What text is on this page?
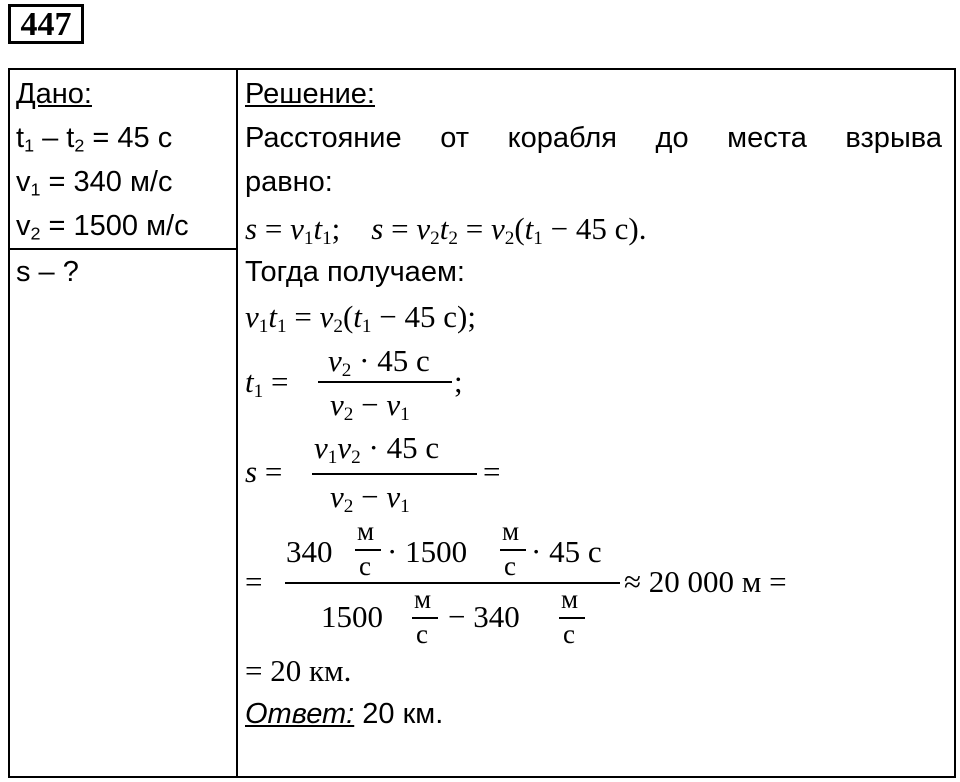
447
Дано:
$t_1 - t_2 = 45$ с
$v_1 = 340$ м/с
$v_2 = 1500$ м/с
s – ?
Решение:
Расстояние от корабля до места взрыва
равно:
$s = v_1t_1$;    $s = v_2t_2 = v_2(t_1 - 45$ c).
Тогда получаем:
$v_1t_1 = v_2(t_1 - 45$ c);
$t_1$ =
$v_2 \cdot 45$ c
$v_2 - v_1$
;
s =
$v_1v_2 \cdot 45$ c
$v_2 - v_1$
=
=
340
м
с · 1500
м
с · 45 c
1500 м
с − 340 м
с
≈ 20 000 м =
= 20 км.
Ответ: 20 км.
